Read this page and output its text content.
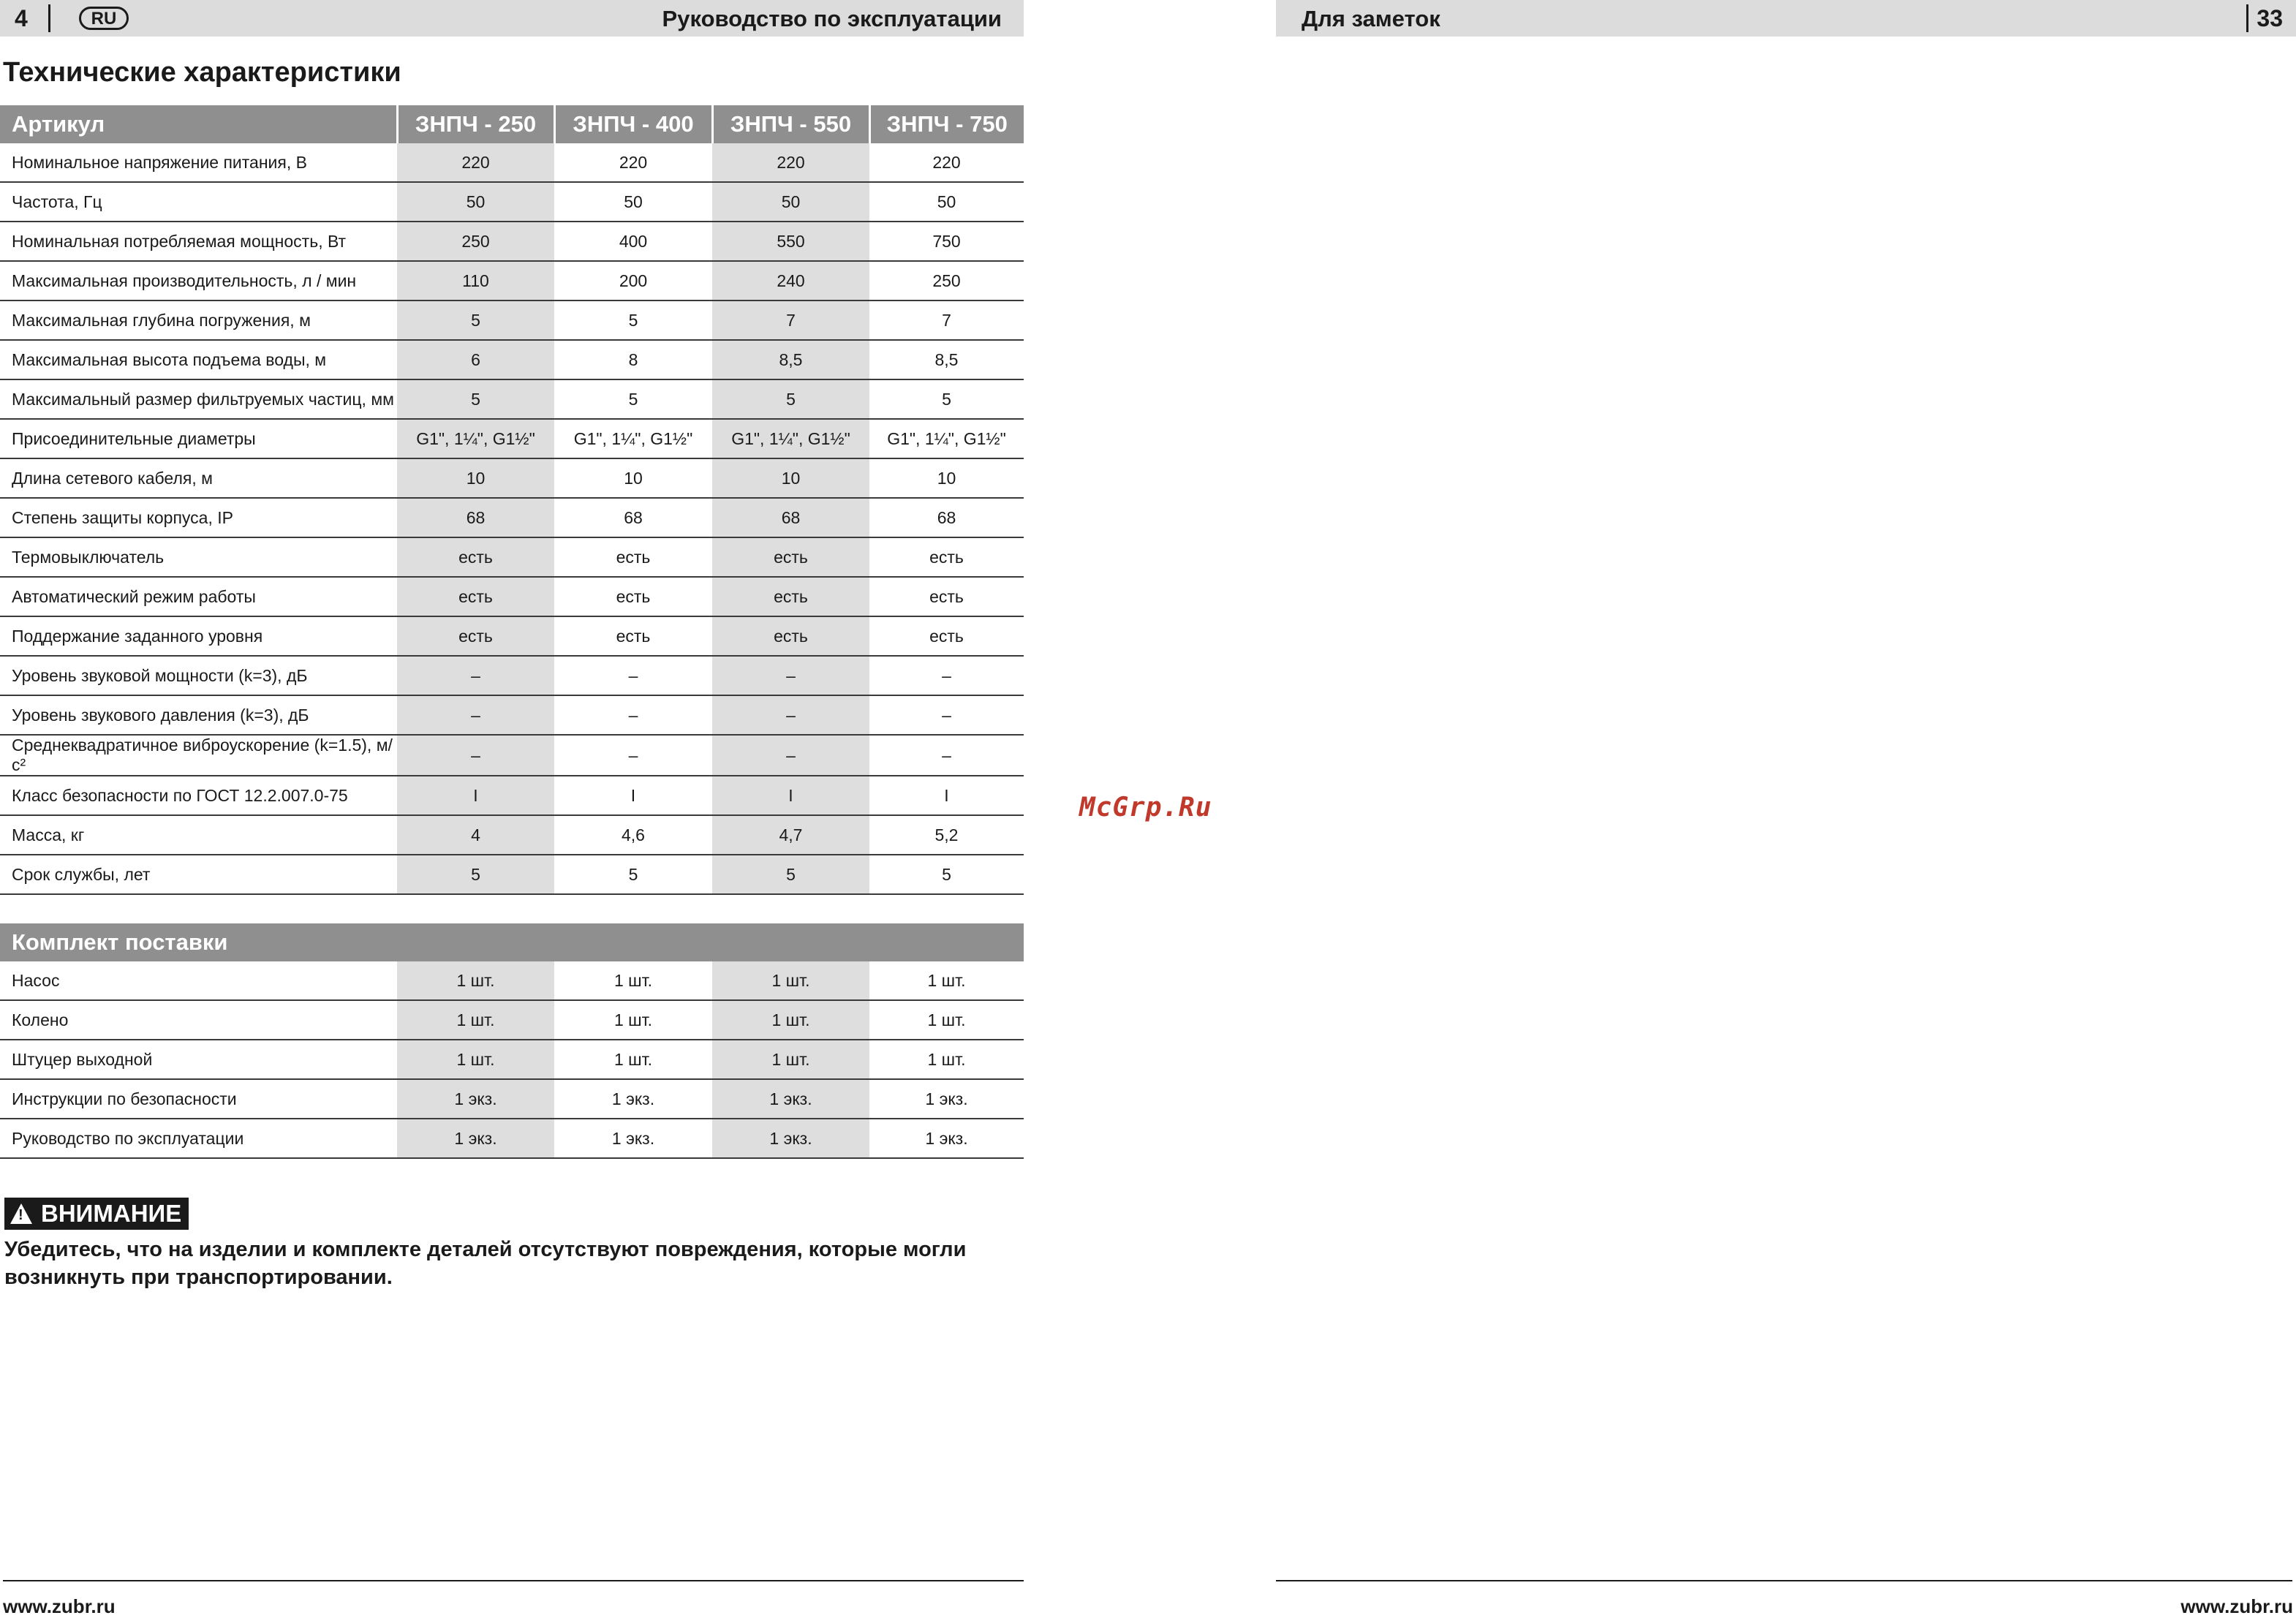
4	RU	Руководство по эксплуатации
Технические характеристики
Артикул	ЗНПЧ - 250	ЗНПЧ - 400	ЗНПЧ - 550	ЗНПЧ - 750
Номинальное напряжение питания, В	220	220	220	220
Частота, Гц	50	50	50	50
Номинальная потребляемая мощность, Вт	250	400	550	750
Максимальная производительность, л / мин	110	200	240	250
Максимальная глубина погружения, м	5	5	7	7
Максимальная высота подъема воды, м	6	8	8,5	8,5
Максимальный размер фильтруемых частиц, мм	5	5	5	5
Присоединительные диаметры	G1", 1¼", G1½"	G1", 1¼", G1½"	G1", 1¼", G1½"	G1", 1¼", G1½"
Длина сетевого кабеля, м	10	10	10	10
Степень защиты корпуса, IP	68	68	68	68
Термовыключатель	есть	есть	есть	есть
Автоматический режим работы	есть	есть	есть	есть
Поддержание заданного уровня	есть	есть	есть	есть
Уровень звуковой мощности (k=3), дБ	–	–	–	–
Уровень звукового давления (k=3), дБ	–	–	–	–
Среднеквадратичное виброускорение (k=1.5), м/с²	–	–	–	–
Класс безопасности по ГОСТ 12.2.007.0-75	I	I	I	I
Масса, кг	4	4,6	4,7	5,2
Срок службы, лет	5	5	5	5
Комплект поставки				
Насос	1 шт.	1 шт.	1 шт.	1 шт.
Колено	1 шт.	1 шт.	1 шт.	1 шт.
Штуцер выходной	1 шт.	1 шт.	1 шт.	1 шт.
Инструкции по безопасности	1 экз.	1 экз.	1 экз.	1 экз.
Руководство по эксплуатации	1 экз.	1 экз.	1 экз.	1 экз.
!
ВНИМАНИЕ

Убедитесь, что на изделии и комплекте деталей отсутствуют повреждения, которые могли возникнуть при транспортировании.

www.zubr.ru
Для заметок	33
www.zubr.ru
McGrp.Ru
